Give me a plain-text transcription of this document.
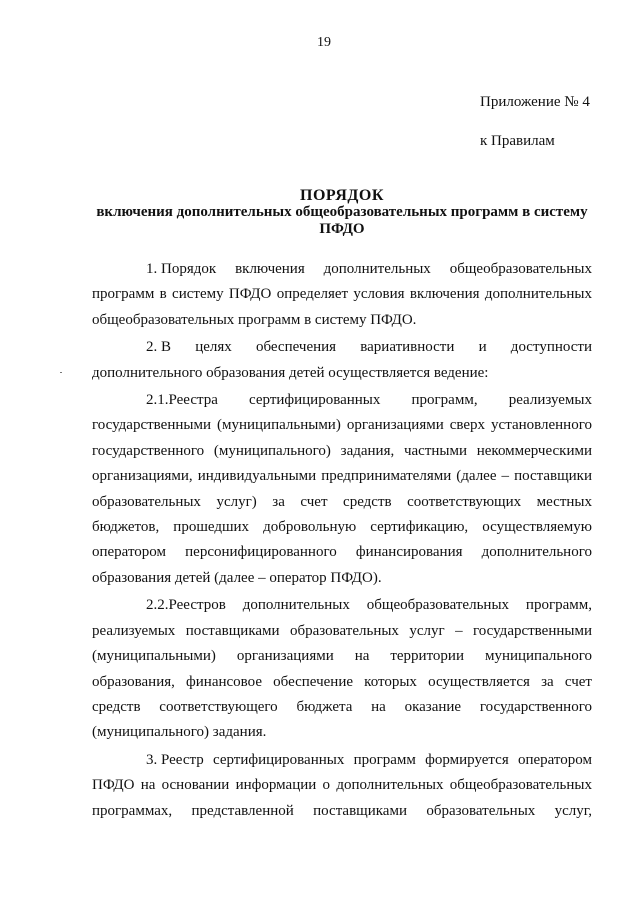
19
Приложение № 4
к Правилам
ПОРЯДОК
включения дополнительных общеобразовательных программ в систему
ПФДО

1. Порядок включения дополнительных общеобразовательных программ в систему ПФДО определяет условия включения дополнительных общеобразовательных программ в систему ПФДО.

2. В целях обеспечения вариативности и доступности дополнительного образования детей осуществляется ведение:

2.1.Реестра сертифицированных программ, реализуемых государственными (муниципальными) организациями сверх установленного государственного (муниципального) задания, частными некоммерческими организациями, индивидуальными предпринимателями (далее – поставщики образовательных услуг) за счет средств соответствующих местных бюджетов, прошедших добровольную сертификацию, осуществляемую оператором персонифицированного финансирования дополнительного образования детей (далее – оператор ПФДО).

2.2.Реестров дополнительных общеобразовательных программ, реализуемых поставщиками образовательных услуг – государственными (муниципальными) организациями на территории муниципального образования, финансовое обеспечение которых осуществляется за счет средств соответствующего бюджета на оказание государственного (муниципального) задания.

3. Реестр сертифицированных программ формируется оператором ПФДО на основании информации о дополнительных общеобразовательных программах, представленной поставщиками образовательных услуг,
